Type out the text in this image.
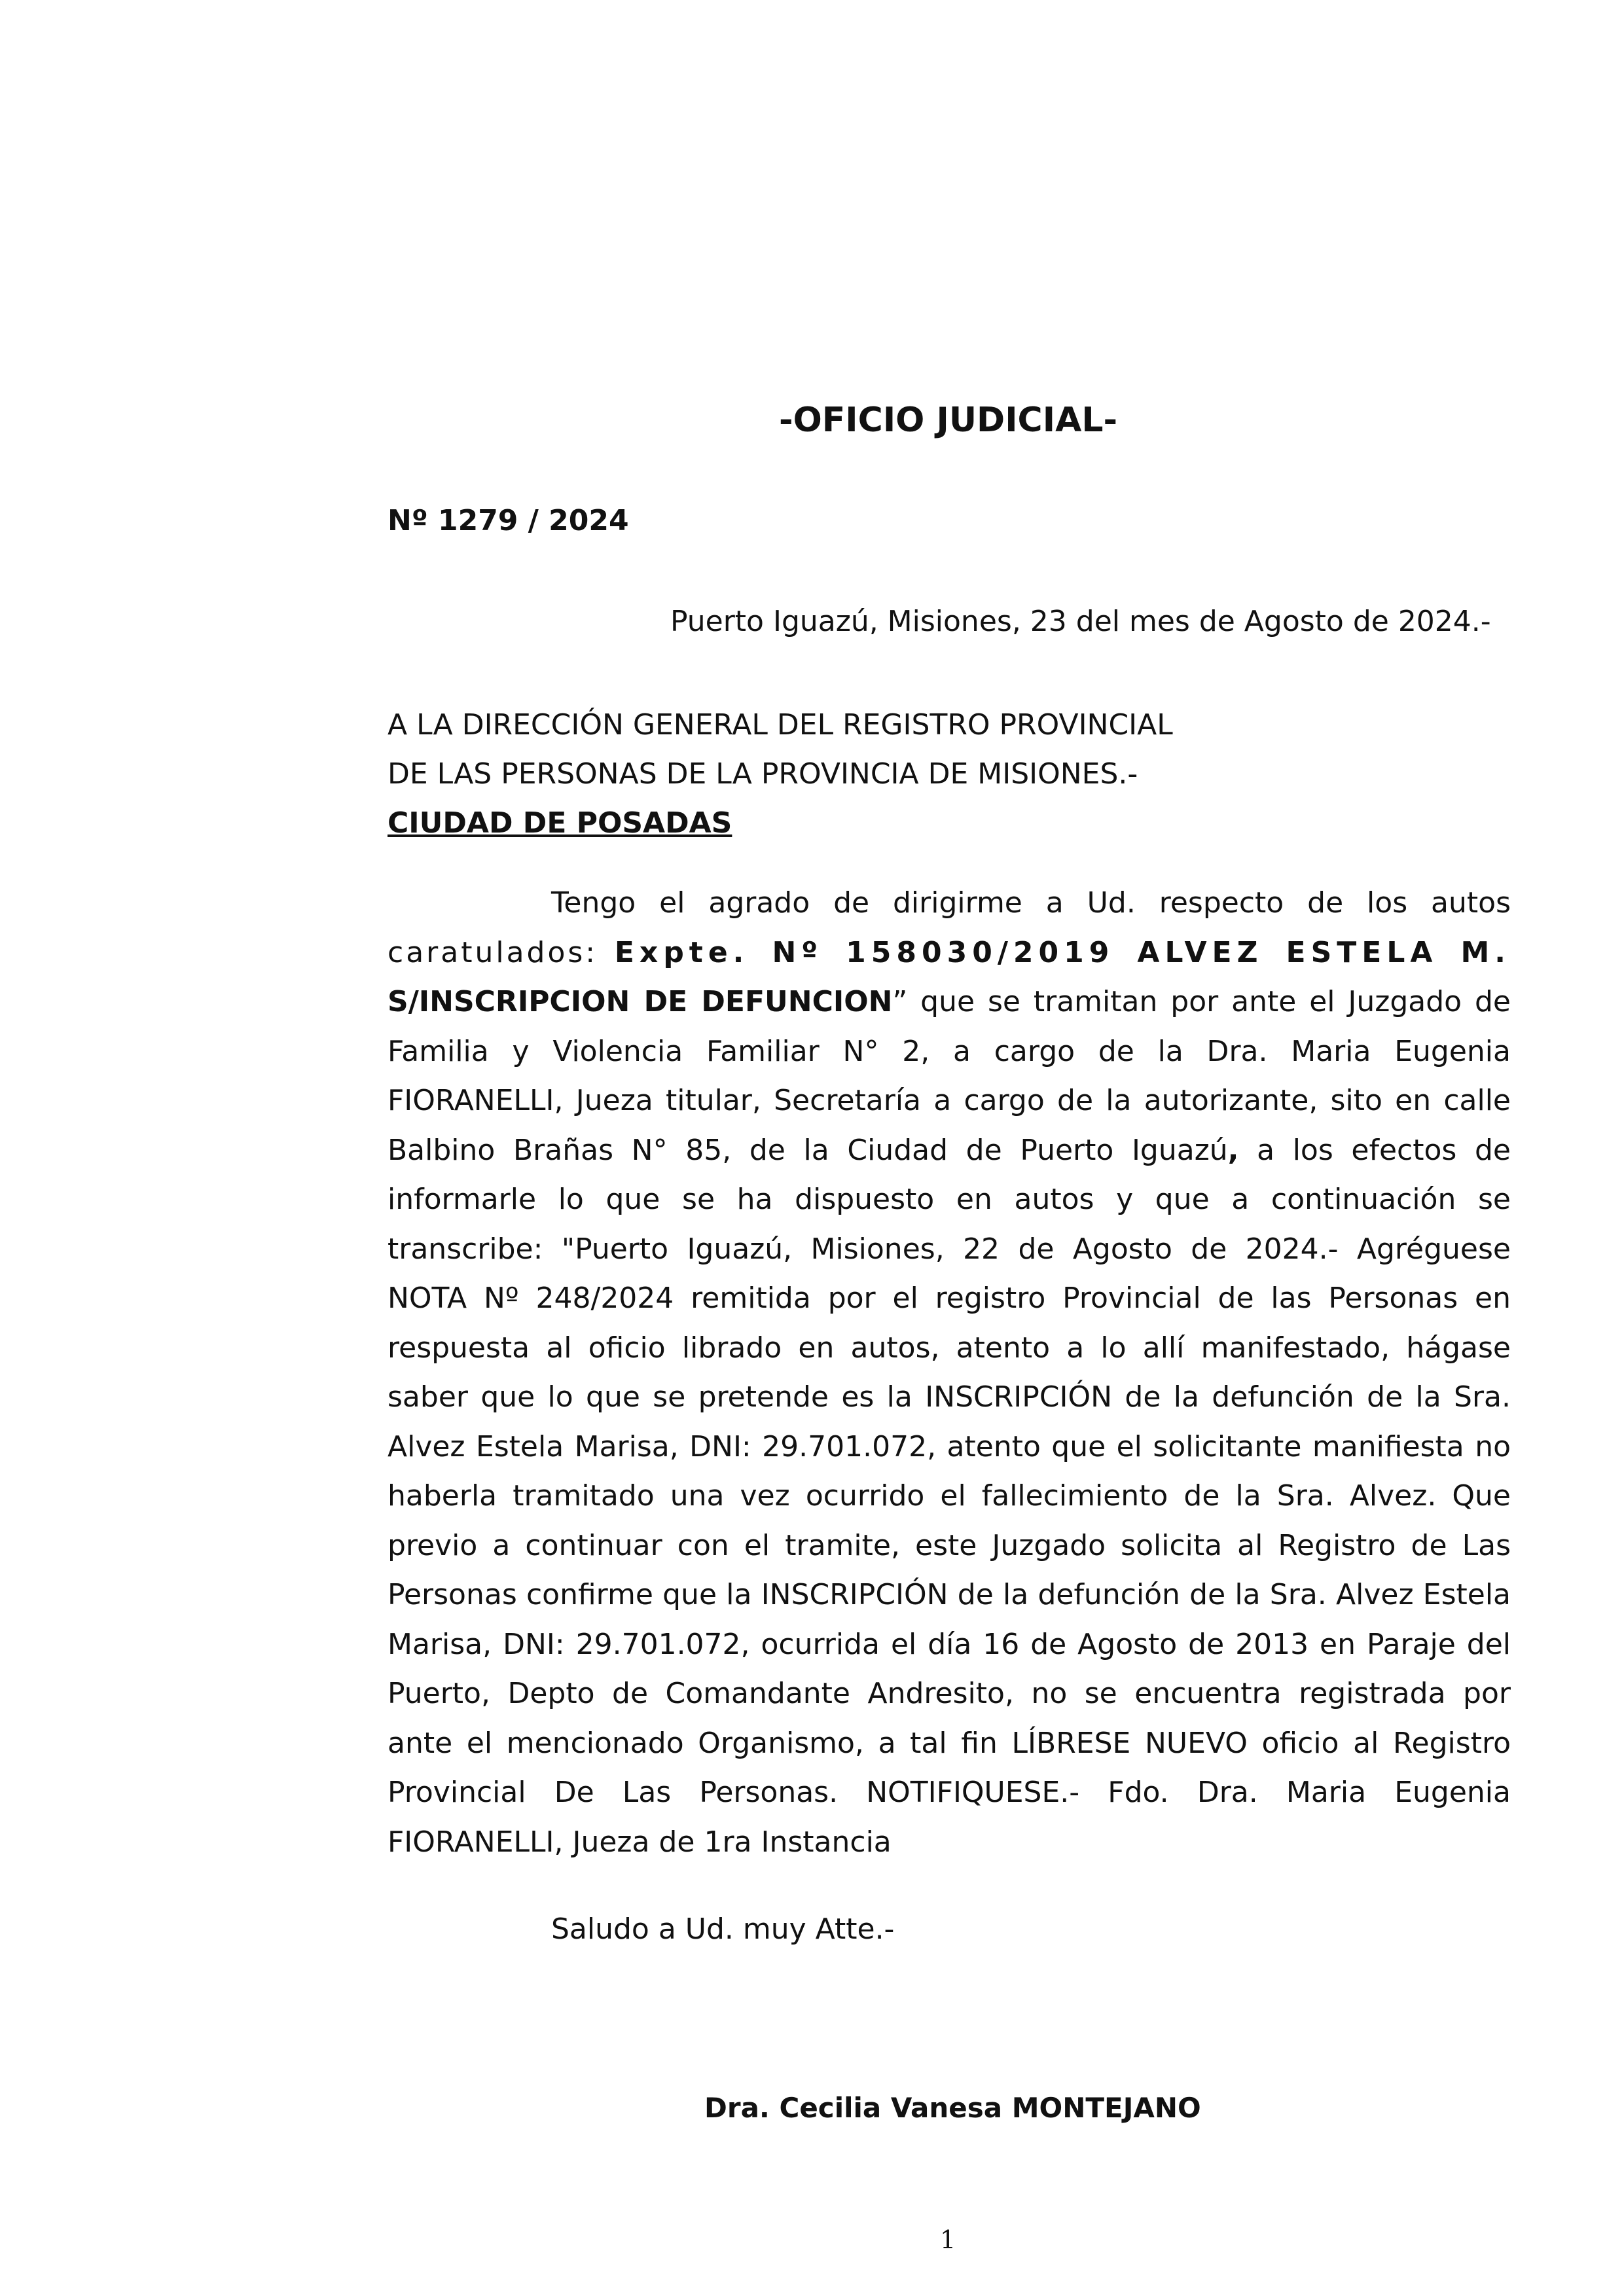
-OFICIO JUDICIAL-
Nº 1279 / 2024
Puerto Iguazú, Misiones, 23 del mes de Agosto de 2024.-
A LA DIRECCIÓN GENERAL DEL REGISTRO PROVINCIAL
DE LAS PERSONAS DE LA PROVINCIA DE MISIONES.-
CIUDAD DE POSADAS
Tengo el agrado de dirigirme a Ud. respecto de los autos caratulados: Expte. Nº 158030/2019 ALVEZ ESTELA M. S/INSCRIPCION DE DEFUNCION” que se tramitan por ante el Juzgado de Familia y Violencia Familiar N° 2, a cargo de la Dra. Maria Eugenia FIORANELLI, Jueza titular, Secretaría a cargo de la autorizante, sito en calle Balbino Brañas N° 85, de la Ciudad de Puerto Iguazú, a los efectos de informarle lo que se ha dispuesto en autos y que a continuación se transcribe: "Puerto Iguazú, Misiones, 22 de Agosto de 2024.- Agréguese NOTA Nº 248/2024 remitida por el registro Provincial de las Personas en respuesta al oficio librado en autos, atento a lo allí manifestado, hágase saber que lo que se pretende es la INSCRIPCIÓN de la defunción de la Sra. Alvez Estela Marisa, DNI: 29.701.072, atento que el solicitante manifiesta no haberla tramitado una vez ocurrido el fallecimiento de la Sra. Alvez. Que previo a continuar con el tramite, este Juzgado solicita al Registro de Las Personas confirme que la INSCRIPCIÓN de la defunción de la Sra. Alvez Estela Marisa, DNI: 29.701.072, ocurrida el día 16 de Agosto de 2013 en Paraje del Puerto, Depto de Comandante Andresito, no se encuentra registrada por ante el mencionado Organismo, a tal fin LÍBRESE NUEVO oficio al Registro Provincial De Las Personas. NOTIFIQUESE.- Fdo. Dra. Maria Eugenia FIORANELLI, Jueza de 1ra Instancia
Saludo a Ud. muy Atte.-
Dra. Cecilia Vanesa MONTEJANO
1
